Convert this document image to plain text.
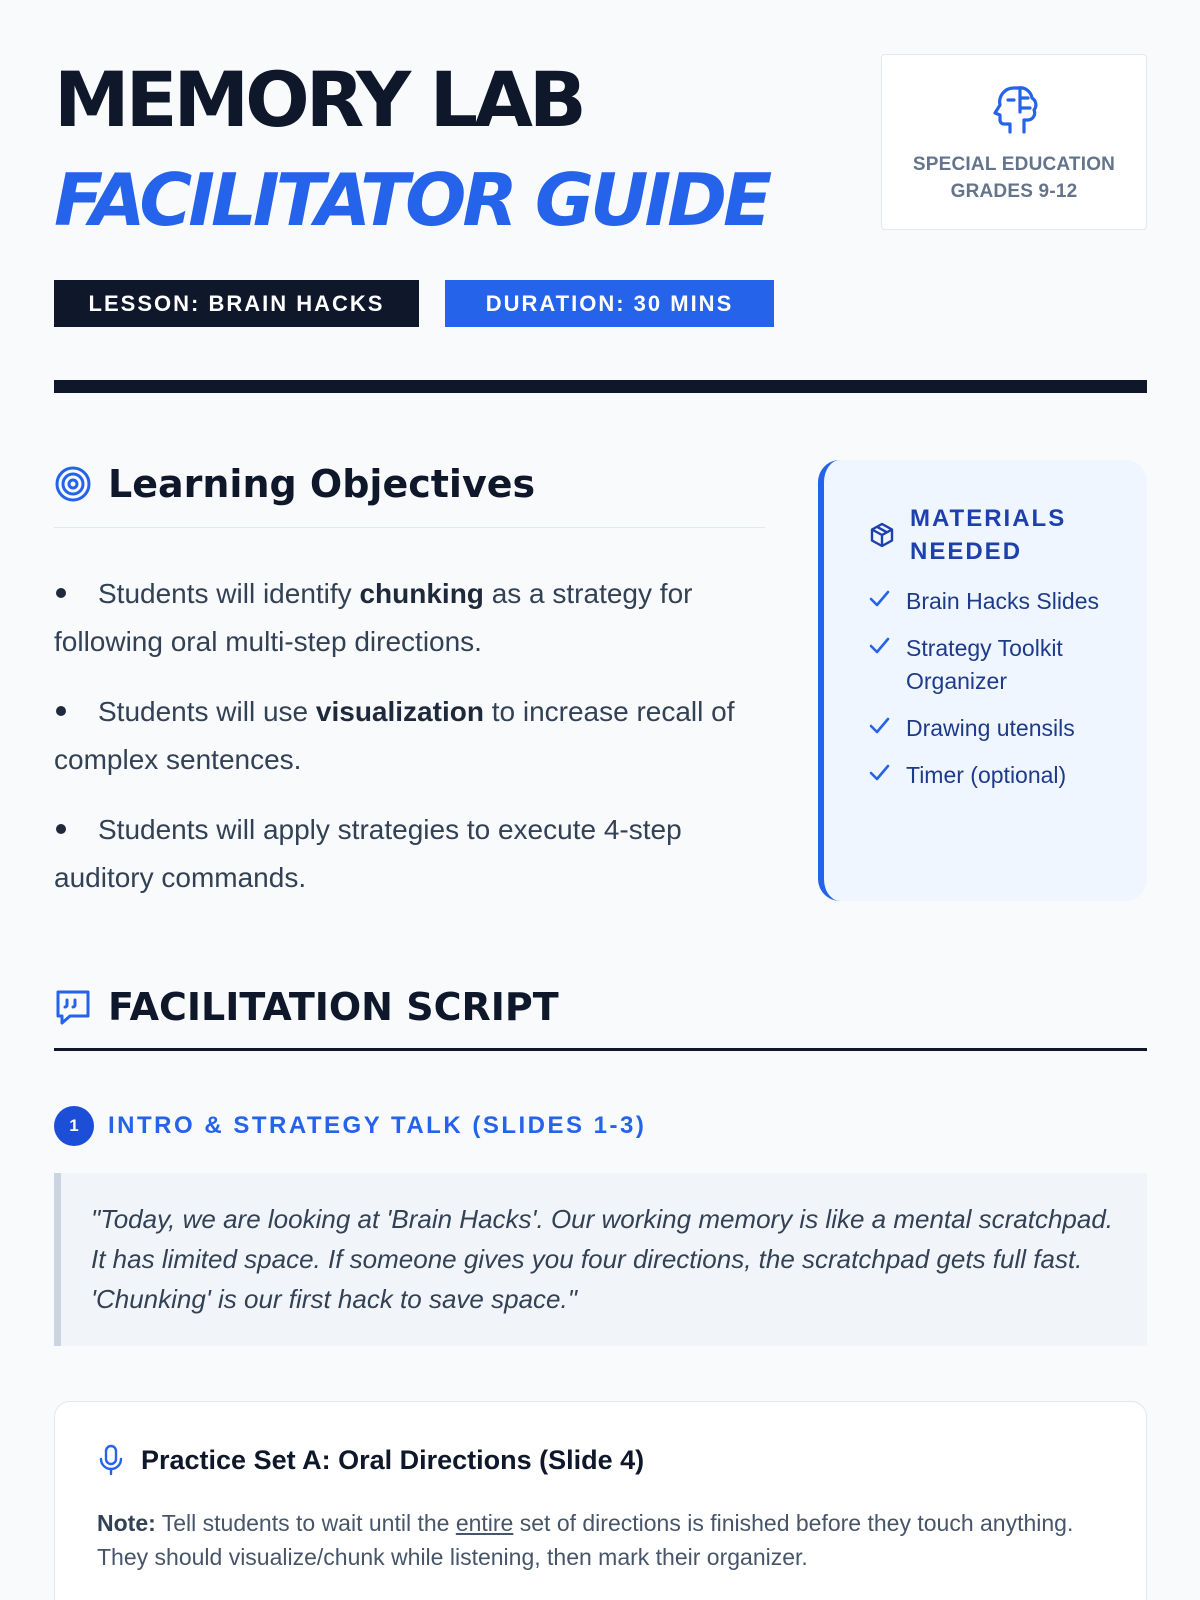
MEMORY LAB
FACILITATOR GUIDE	SPECIAL EDUCATION
GRADES 9-12
LESSON: BRAIN HACKS	DURATION: 30 MINS
Learning Objectives
Students will identify chunking as a strategy for following oral multi-step directions.
Students will use visualization to increase recall of complex sentences.
Students will apply strategies to execute 4-step auditory commands.
MATERIALS
NEEDED
Brain Hacks Slides
Strategy Toolkit Organizer
Drawing utensils
Timer (optional)
FACILITATION SCRIPT
1	INTRO & STRATEGY TALK (SLIDES 1-3)
"Today, we are looking at 'Brain Hacks'. Our working memory is like a mental scratchpad. It has limited space. If someone gives you four directions, the scratchpad gets full fast. 'Chunking' is our first hack to save space."
Practice Set A: Oral Directions (Slide 4)
Note: Tell students to wait until the entire set of directions is finished before they touch anything. They should visualize/chunk while listening, then mark their organizer.
